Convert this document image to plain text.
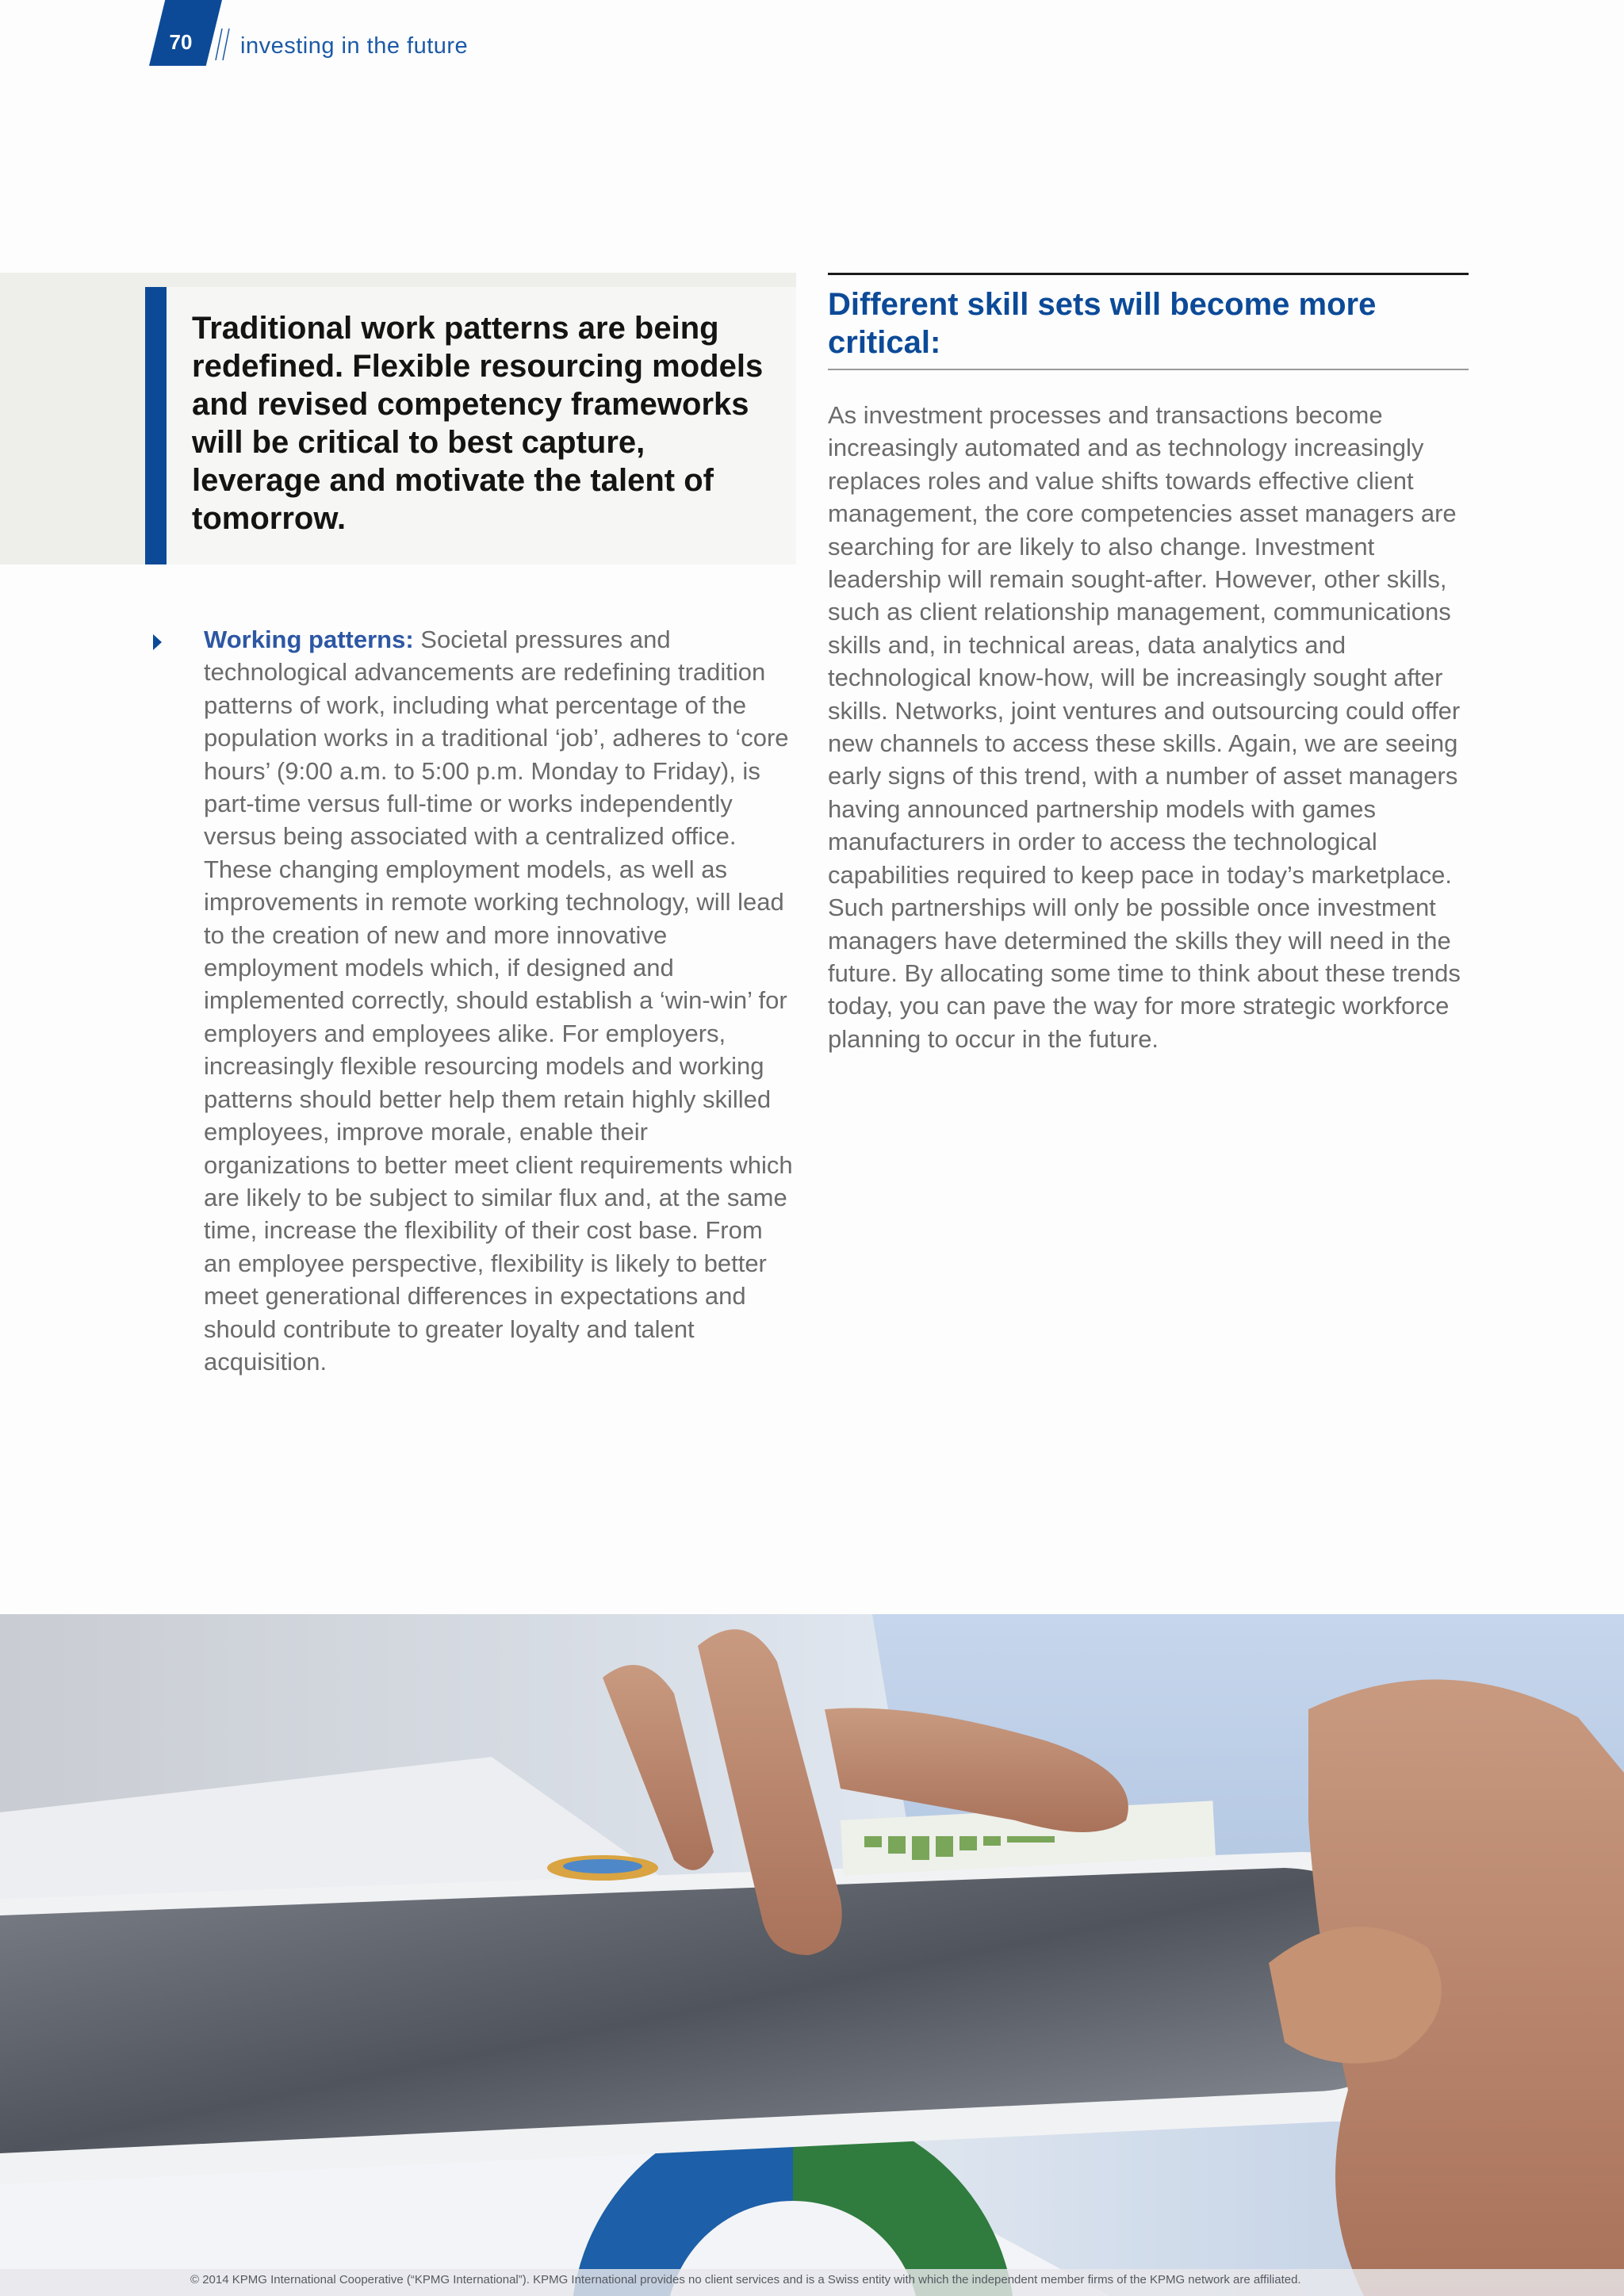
70	investing in the future
Traditional work patterns are being redefined. Flexible resourcing models and revised competency frameworks will be critical to best capture, leverage and motivate the talent of tomorrow.
Working patterns: Societal pressures and technological advancements are redefining tradition patterns of work, including what percentage of the population works in a traditional ‘job’, adheres to ‘core hours’ (9:00 a.m. to 5:00 p.m. Monday to Friday), is part-time versus full-time or works independently versus being associated with a centralized office. These changing employment models, as well as improvements in remote working technology, will lead to the creation of new and more innovative employment models which, if designed and implemented correctly, should establish a ‘win-win’ for employers and employees alike. For employers, increasingly flexible resourcing models and working patterns should better help them retain highly skilled employees, improve morale, enable their organizations to better meet client requirements which are likely to be subject to similar flux and, at the same time, increase the flexibility of their cost base. From an employee perspective, flexibility is likely to better meet generational differences in expectations and should contribute to greater loyalty and talent acquisition.
Different skill sets will become more critical:
As investment processes and transactions become increasingly automated and as technology increasingly replaces roles and value shifts towards effective client management, the core competencies asset managers are searching for are likely to also change. Investment leadership will remain sought-after. However, other skills, such as client relationship management, communications skills and, in technical areas, data analytics and technological know-how, will be increasingly sought after skills. Networks, joint ventures and outsourcing could offer new channels to access these skills. Again, we are seeing early signs of this trend, with a number of asset managers having announced partnership models with games manufacturers in order to access the technological capabilities required to keep pace in today’s marketplace. Such partnerships will only be possible once investment managers have determined the skills they will need in the future. By allocating some time to think about these trends today, you can pave the way for more strategic workforce planning to occur in the future.
© 2014 KPMG International Cooperative (“KPMG International”). KPMG International provides no client services and is a Swiss entity with which the independent member firms of the KPMG network are affiliated.
